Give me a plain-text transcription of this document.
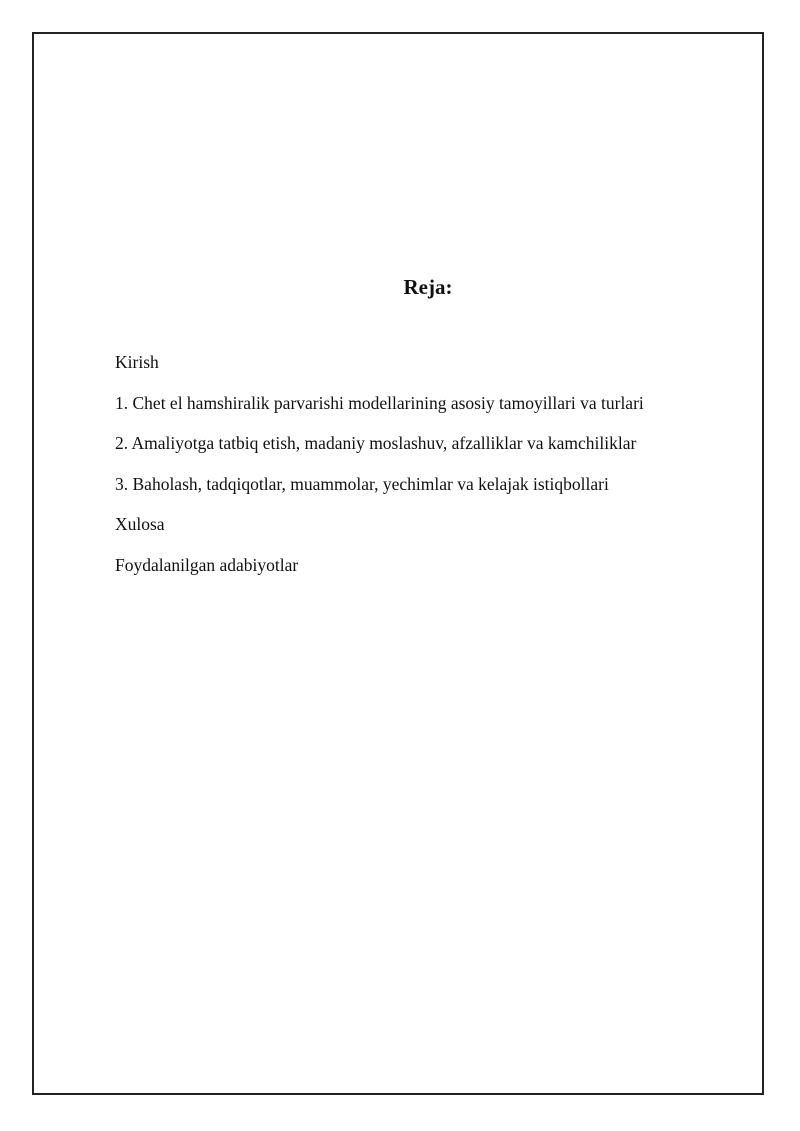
Reja:
Kirish
1. Chet el hamshiralik parvarishi modellarining asosiy tamoyillari va turlari
2. Amaliyotga tatbiq etish, madaniy moslashuv, afzalliklar va kamchiliklar
3. Baholash, tadqiqotlar, muammolar, yechimlar va kelajak istiqbollari
Xulosa
Foydalanilgan adabiyotlar
